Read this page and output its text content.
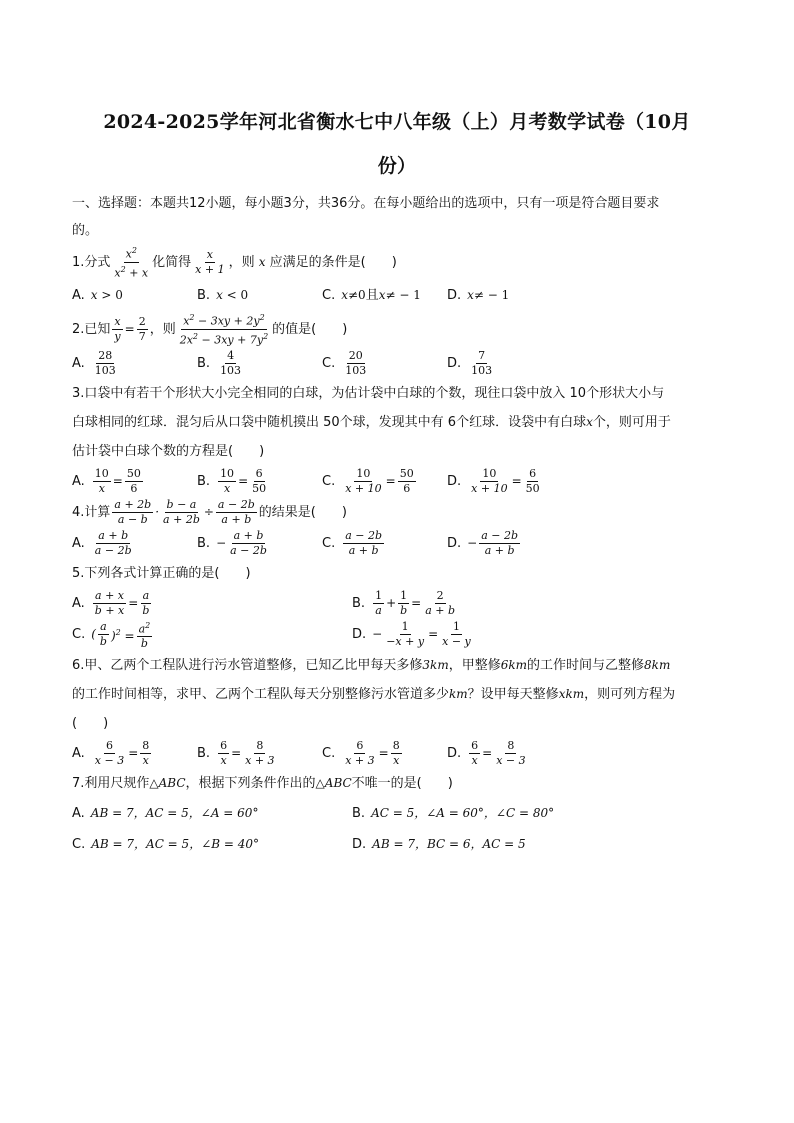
2024-2025学年河北省衡水七中八年级（上）月考数学试卷（10月
份）
一、选择题：本题共12小题，每小题3分，共36分。在每小题给出的选项中，只有一项是符合题目要求
的。
1.分式 $\frac{x^2}{x^2 + x}$ 化简得 $\frac{x}{x + 1}$ ，则
x
应满足的条件是( )
A. x > 0	B. x < 0	C. x≠0 且 x≠ − 1 D. x≠ − 1
2.已知 $\frac{x}{y} = \frac{2}{7}$ ，则 $\frac{x^2 - 3xy + 2y^2}{2x^2 - 3xy + 7y^2}$ 的值是( )
A. $\frac{28}{103}$	B. $\frac{4}{103}$	C. $\frac{20}{103}$	D. $\frac{7}{103}$
3.口袋中有若干个形状大小完全相同的白球，为估计袋中白球的个数，现往口袋中放入 10个形状大小与
白球相同的红球．混匀后从口袋中随机摸出 50个球，发现其中有 6个红球．设袋中有白球x个，则可用于
估计袋中白球个数的方程是( )
A. $\frac{10}{x} = \frac{50}{6}$	B. $\frac{10}{x} = \frac{6}{50}$	C. $\frac{10}{x + 10} = \frac{50}{6} D$. $\frac{10}{x + 10} = \frac{6}{50}$
4.计算 $\frac{a + 2b}{a - b} \cdot \frac{b - a}{a + 2b} \div \frac{a - 2b}{a + b}$ 的结果是( )
A. $\frac{a + b}{a - 2b}$	B. − $\frac{a + b}{a - 2b}$	C. $\frac{a - 2b}{a + b}$	D. − $\frac{a - 2b}{a + b}$
5.下列各式计算正确的是( )
A. $\frac{a + x}{b + x} = \frac{a}{b}$	B. $\frac{1}{a} + \frac{1}{b} = \frac{2}{a + b}$
C. ( $\frac{a}{b} )^2 = \frac{a^2}{b}$	D. − $\frac{1}{-x + y} = \frac{1}{x - y}$
6.甲、乙两个工程队进行污水管道整修，已知乙比甲每天多修3km，甲整修6km的工作时间与乙整修8km
的工作时间相等，求甲、乙两个工程队每天分别整修污水管道多少km？设甲每天整修xkm，则可列方程为
( )
A. $\frac{6}{x - 3} = \frac{8}{x}$	B. $\frac{6}{x} = \frac{8}{x + 3}$	C. $\frac{6}{x + 3} = \frac{8}{x}$	D. $\frac{6}{x} = \frac{8}{x - 3}$
7.利用尺规作△ABC，根据下列条件作出的△ABC不唯一的是( )
A. AB = 7，AC = 5，∠A = 60°	B. AC = 5，∠A = 60°，∠C = 80°
C. AB = 7，AC = 5，∠B = 40°	D. AB = 7，BC = 6，AC = 5
